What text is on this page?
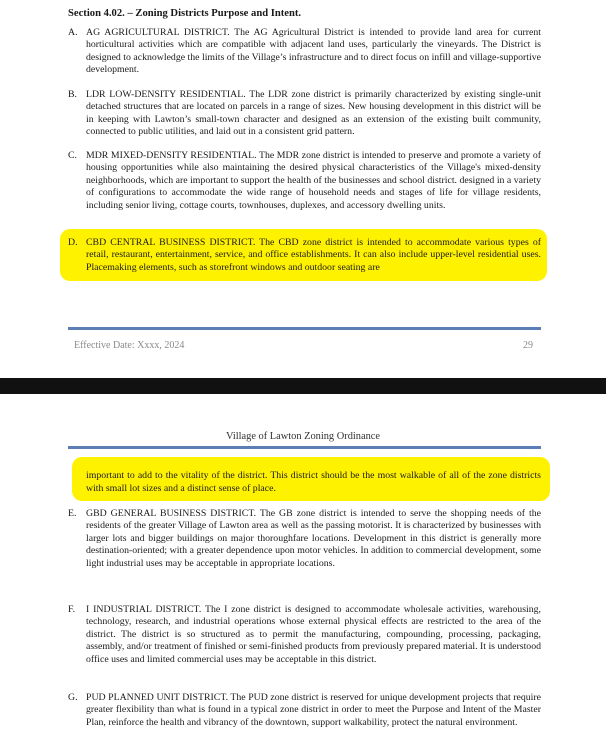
Section 4.02. – Zoning Districts Purpose and Intent.
A. AG AGRICULTURAL DISTRICT. The AG Agricultural District is intended to provide land area for current horticultural activities which are compatible with adjacent land uses, particularly the vineyards. The District is designed to acknowledge the limits of the Village’s infrastructure and to direct focus on infill and village-supportive development.
B. LDR LOW-DENSITY RESIDENTIAL. The LDR zone district is primarily characterized by existing single-unit detached structures that are located on parcels in a range of sizes. New housing development in this district will be in keeping with Lawton’s small-town character and designed as an extension of the existing built community, connected to public utilities, and laid out in a consistent grid pattern.
C. MDR MIXED-DENSITY RESIDENTIAL. The MDR zone district is intended to preserve and promote a variety of housing opportunities while also maintaining the desired physical characteristics of the Village's mixed-density neighborhoods, which are important to support the health of the businesses and school district. designed in a variety of configurations to accommodate the wide range of household needs and stages of life for village residents, including senior living, cottage courts, townhouses, duplexes, and accessory dwelling units.
D. CBD CENTRAL BUSINESS DISTRICT. The CBD zone district is intended to accommodate various types of retail, restaurant, entertainment, service, and office establishments. It can also include upper-level residential uses. Placemaking elements, such as storefront windows and outdoor seating are
Effective Date: Xxxx, 2024	29
Village of Lawton Zoning Ordinance
important to add to the vitality of the district. This district should be the most walkable of all of the zone districts with small lot sizes and a distinct sense of place.
E. GBD GENERAL BUSINESS DISTRICT. The GB zone district is intended to serve the shopping needs of the residents of the greater Village of Lawton area as well as the passing motorist. It is characterized by businesses with larger lots and bigger buildings on major thoroughfare locations. Development in this district is generally more destination-oriented; with a greater dependence upon motor vehicles. In addition to commercial development, some light industrial uses may be acceptable in appropriate locations.
F. I INDUSTRIAL DISTRICT. The I zone district is designed to accommodate wholesale activities, warehousing, technology, research, and industrial operations whose external physical effects are restricted to the area of the district. The district is so structured as to permit the manufacturing, compounding, processing, packaging, assembly, and/or treatment of finished or semi-finished products from previously prepared material. It is understood office uses and limited commercial uses may be acceptable in this district.
G. PUD PLANNED UNIT DISTRICT. The PUD zone district is reserved for unique development projects that require greater flexibility than what is found in a typical zone district in order to meet the Purpose and Intent of the Master Plan, reinforce the health and vibrancy of the downtown, support walkability, protect the natural environment.
